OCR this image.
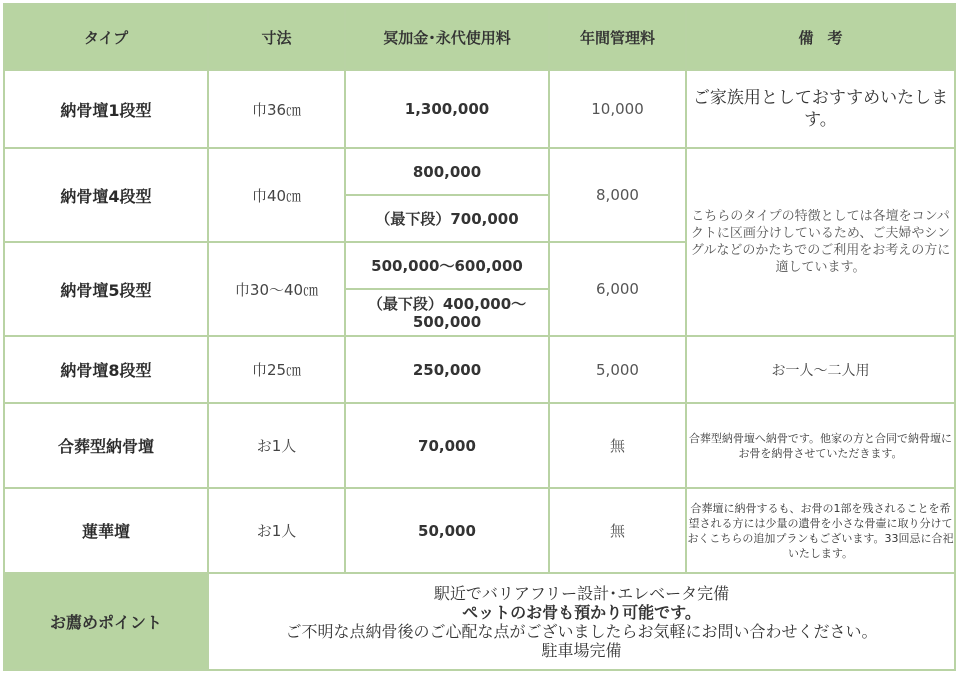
タイプ	寸法	冥加金･永代使用料	年間管理料	備考
納骨壇1段型	巾36㎝	1,300,000	10,000	ご家族用としておすすめいたします。
納骨壇4段型	巾40㎝	800,000	8,000	こちらのタイプの特徴としては各壇をコンパクトに区画分けしているため、ご夫婦やシングルなどのかたちでのご利用をお考えの方に適しています。
		（最下段）700,000		
納骨壇5段型	巾30～40㎝	500,000～600,000	6,000	
		（最下段）400,000～500,000		
納骨壇8段型	巾25㎝	250,000	5,000	お一人～二人用
合葬型納骨壇	お1人	70,000	無	合葬型納骨壇へ納骨です。他家の方と合同で納骨壇にお骨を納骨させていただきます。
蓮華壇	お1人	50,000	無	合葬壇に納骨するも、お骨の1部を残されることを希望される方には少量の遺骨を小さな骨壷に取り分けておくこちらの追加プランもございます。33回忌に合祀いたします。
お薦めポイント	駅近でバリアフリー設計･エレベータ完備
ペットのお骨も預かり可能です。
ご不明な点納骨後のご心配な点がございましたらお気軽にお問い合わせください。
駐車場完備			
